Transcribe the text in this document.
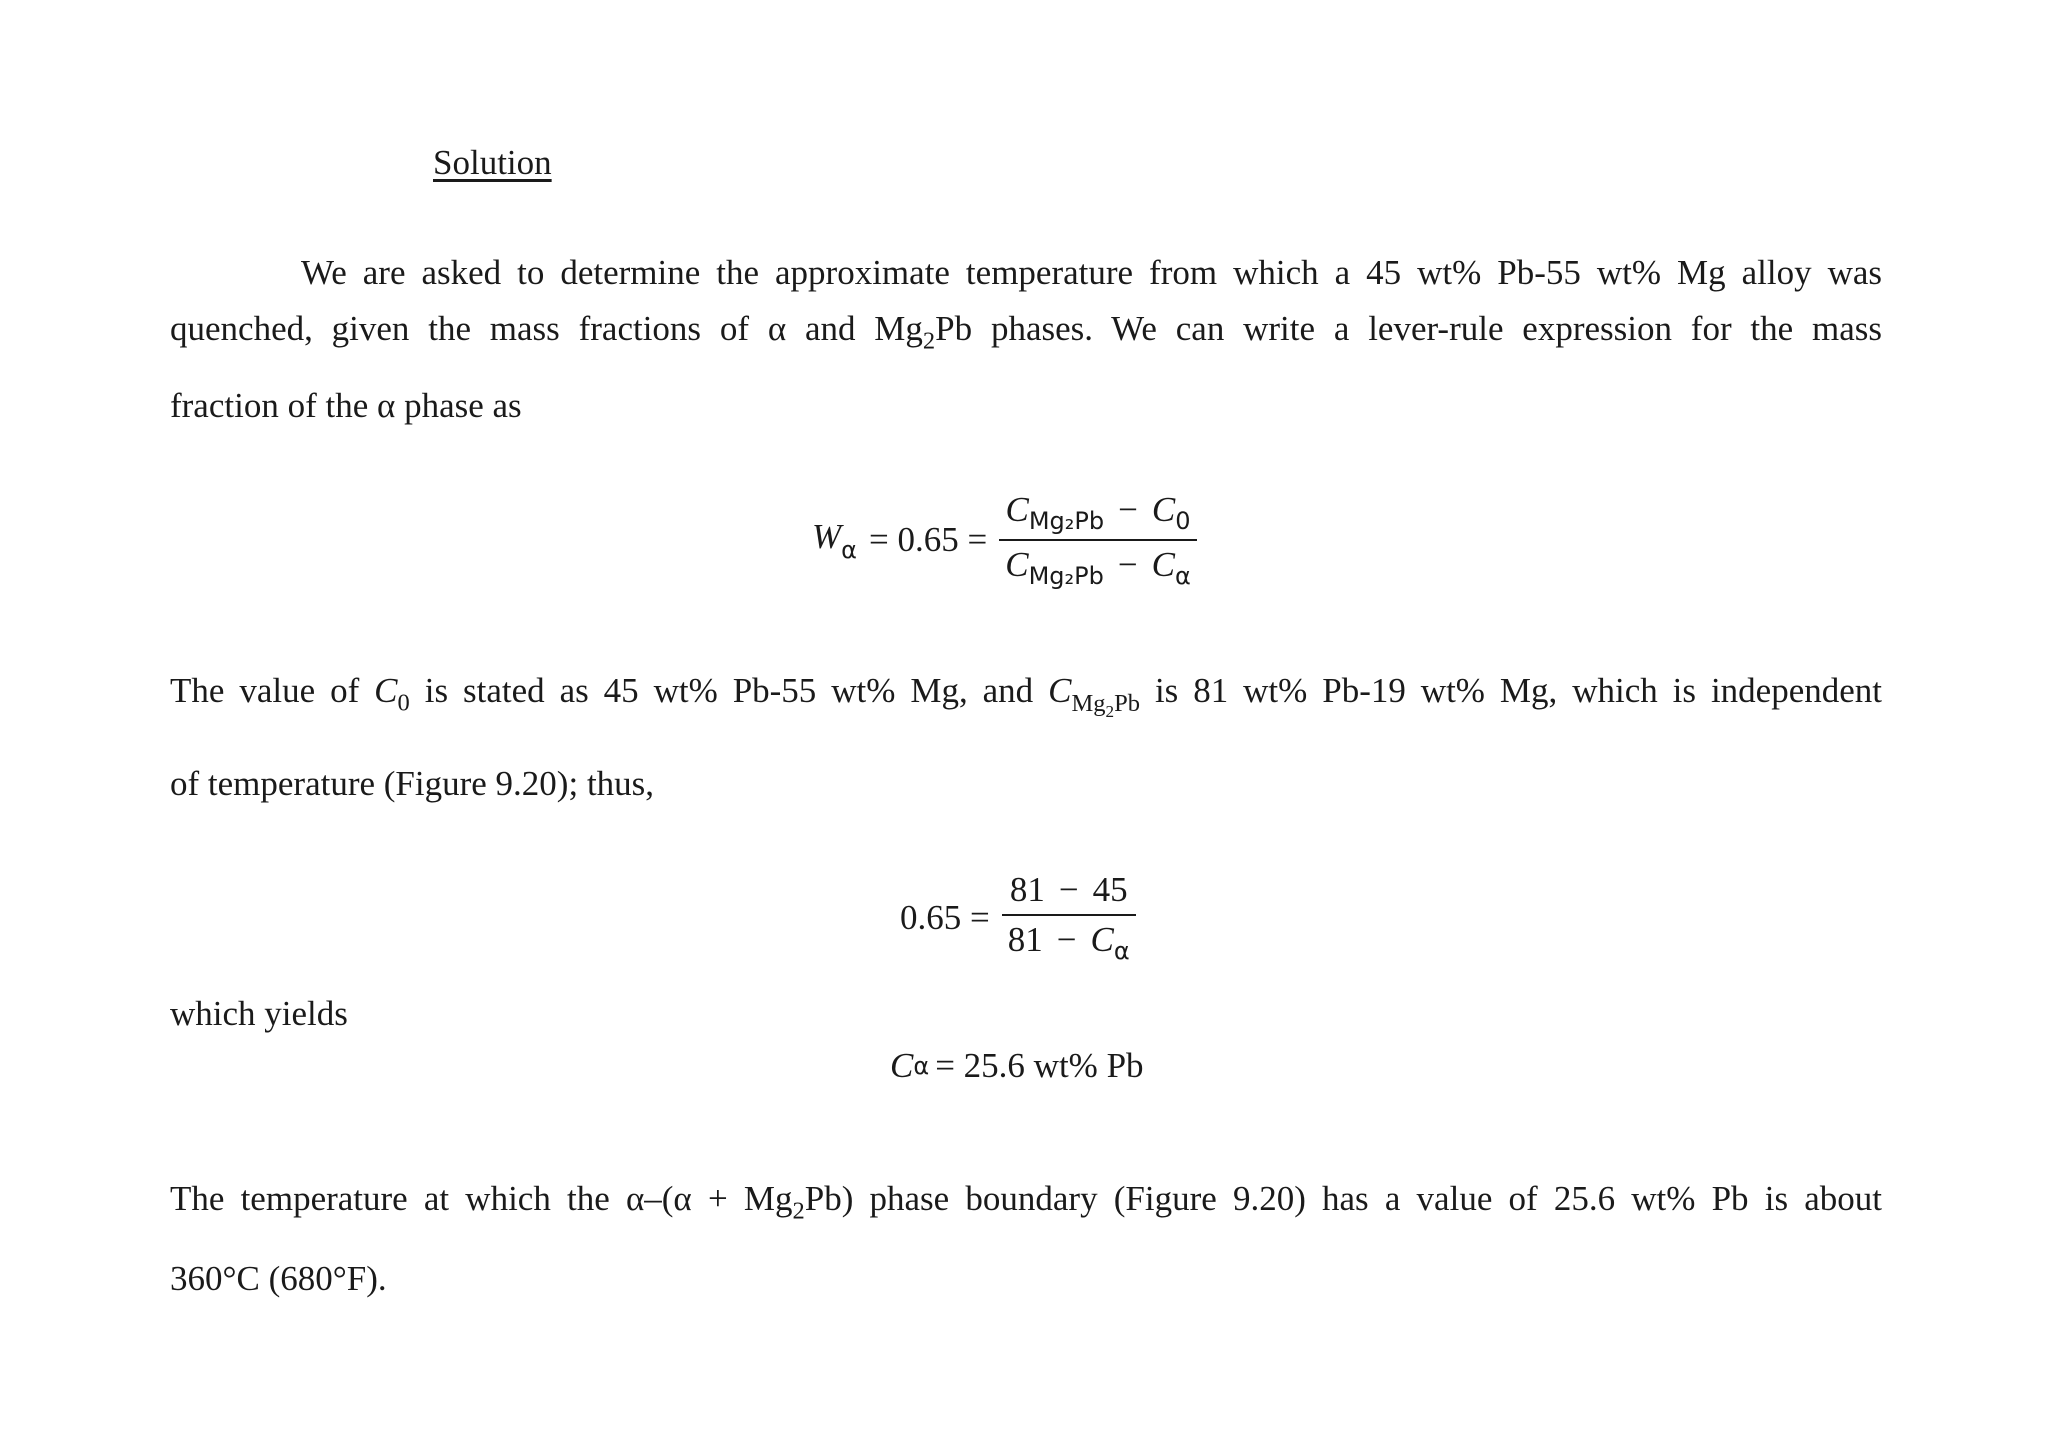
Solution
We are asked to determine the approximate temperature from which a 45 wt% Pb-55 wt% Mg alloy was
quenched, given the mass fractions of α and $Mg_2Pb$ phases. We can write a lever-rule expression for the mass
fraction of the α phase as
$W_\alpha = 0.65 = \frac{C_{Mg_2Pb} - C_0}{C_{Mg_2Pb} - C_\alpha}$
The value of $C_0$ is stated as 45 wt% Pb-55 wt% Mg, and $C_{Mg_2Pb}$ is 81 wt% Pb-19 wt% Mg, which is independent
of temperature (Figure 9.20); thus,
$0.65 = \frac{81 - 45}{81 - C_\alpha}$
which yields
C α = 25.6 wt% Pb
The temperature at which the $\alpha-(\alpha + Mg_2Pb)$ phase boundary (Figure 9.20) has a value of 25.6 wt% Pb is about
360°C (680°F).
